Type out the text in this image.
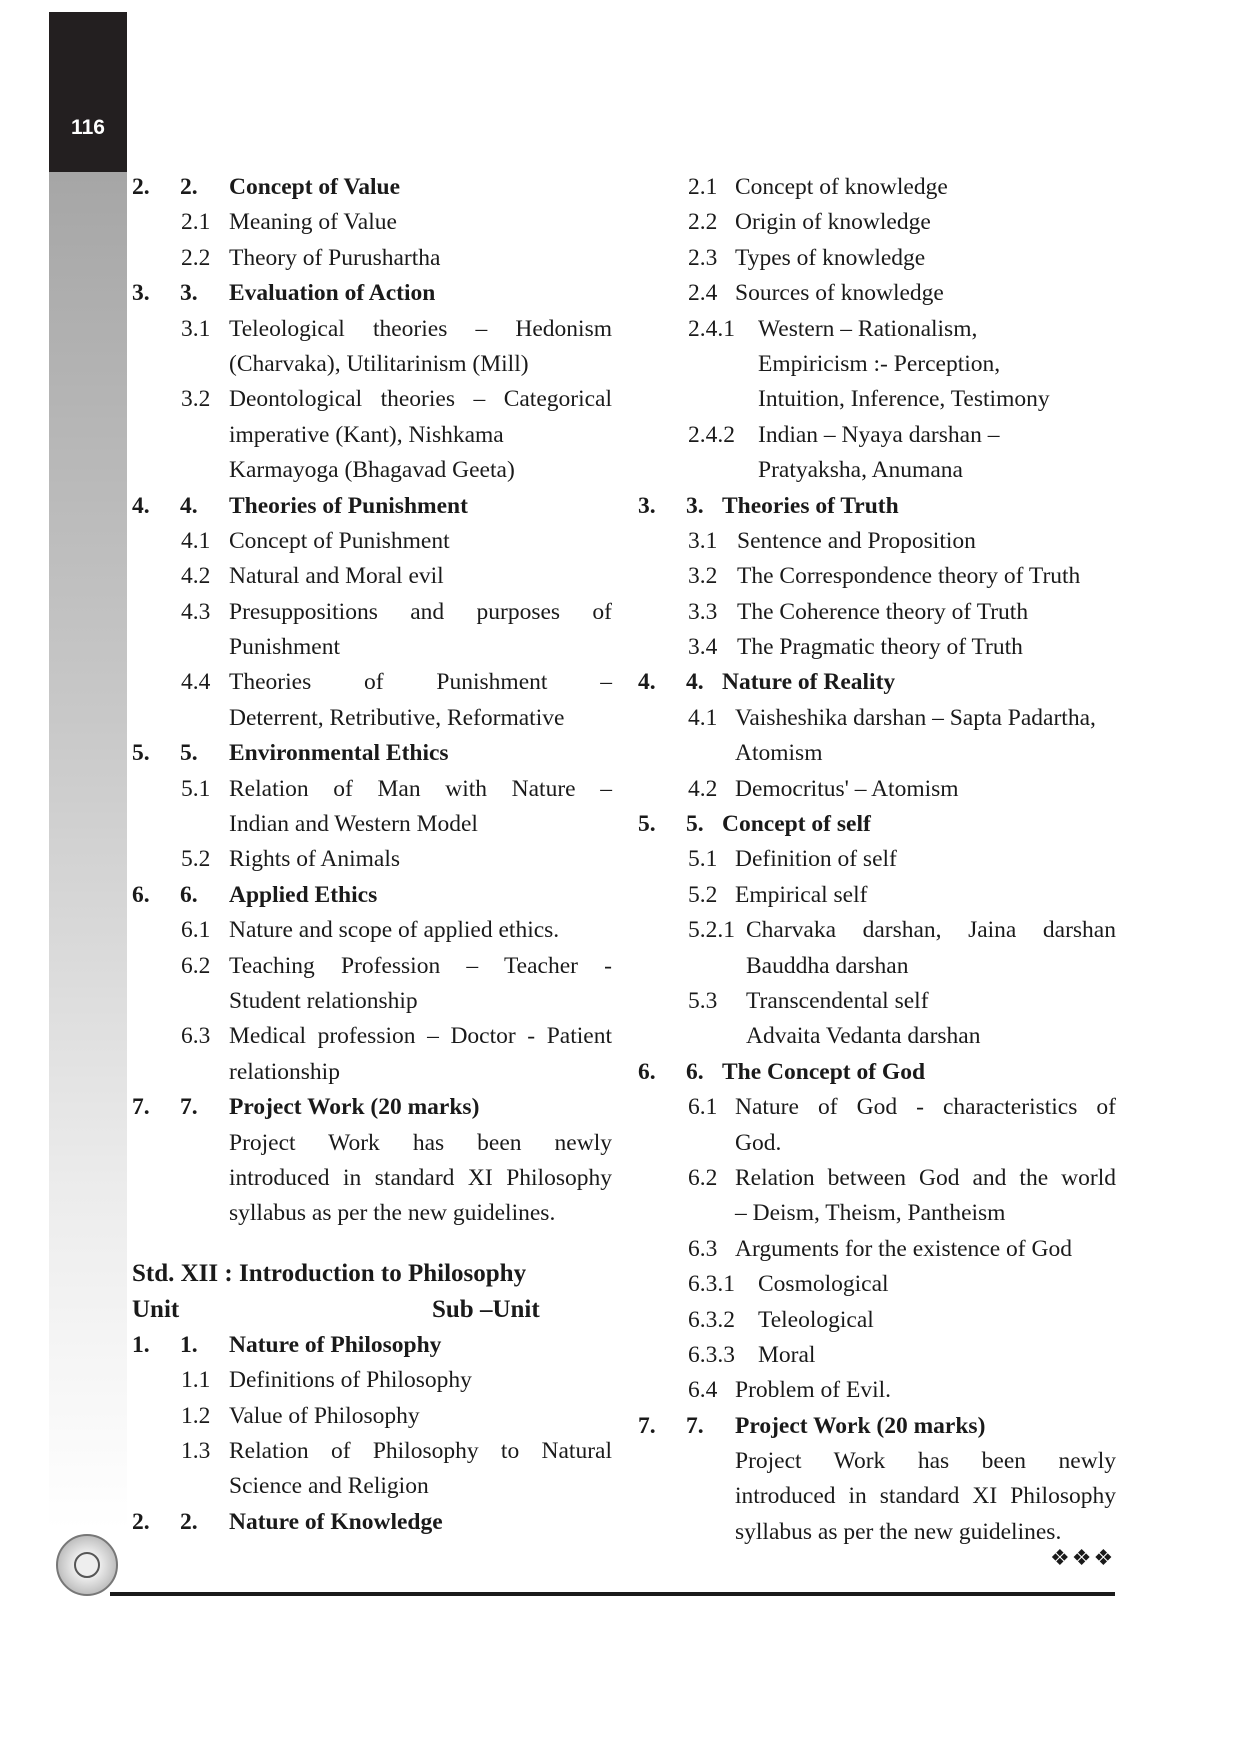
116
2. 2. Concept of Value
2.1 Meaning of Value
2.2 Theory of Purushartha
3. 3. Evaluation of Action
3.1 Teleological theories – Hedonism
(Charvaka), Utilitarinism (Mill)
3.2 Deontological theories – Categorical
imperative (Kant), Nishkama
Karmayoga (Bhagavad Geeta)
4. 4. Theories of Punishment
4.1 Concept of Punishment
4.2 Natural and Moral evil
4.3 Presuppositions and purposes of
Punishment
4.4 Theories of Punishment –
Deterrent, Retributive, Reformative
5. 5. Environmental Ethics
5.1 Relation of Man with Nature –
Indian and Western Model
5.2 Rights of Animals
6. 6. Applied Ethics
6.1 Nature and scope of applied ethics.
6.2 Teaching Profession – Teacher -
Student relationship
6.3 Medical profession – Doctor - Patient
relationship
7. 7. Project Work (20 marks)
Project Work has been newly
introduced in standard XI Philosophy
syllabus as per the new guidelines.
Std. XII : Introduction to Philosophy
Unit	Sub –Unit
1. 1. Nature of Philosophy
1.1 Definitions of Philosophy
1.2 Value of Philosophy
1.3 Relation of Philosophy to Natural
Science and Religion
2. 2. Nature of Knowledge
2.1 Concept of knowledge
2.2 Origin of knowledge
2.3 Types of knowledge
2.4 Sources of knowledge
2.4.1 Western – Rationalism,
Empiricism :- Perception,
Intuition, Inference, Testimony
2.4.2 Indian – Nyaya darshan –
Pratyaksha, Anumana
3. 3. Theories of Truth
3.1 Sentence and Proposition
3.2 The Correspondence theory of Truth
3.3 The Coherence theory of Truth
3.4 The Pragmatic theory of Truth
4. 4. Nature of Reality
4.1 Vaisheshika darshan – Sapta Padartha,
Atomism
4.2 Democritus' – Atomism
5. 5. Concept of self
5.1 Definition of self
5.2 Empirical self
5.2.1 Charvaka darshan, Jaina darshan
Bauddha darshan
5.3 Transcendental self
Advaita Vedanta darshan
6. 6. The Concept of God
6.1 Nature of God - characteristics of
God.
6.2 Relation between God and the world
– Deism, Theism, Pantheism
6.3 Arguments for the existence of God
6.3.1 Cosmological
6.3.2 Teleological
6.3.3 Moral
6.4 Problem of Evil.
7. 7. Project Work (20 marks)
Project Work has been newly
introduced in standard XI Philosophy
syllabus as per the new guidelines.
❖❖❖
